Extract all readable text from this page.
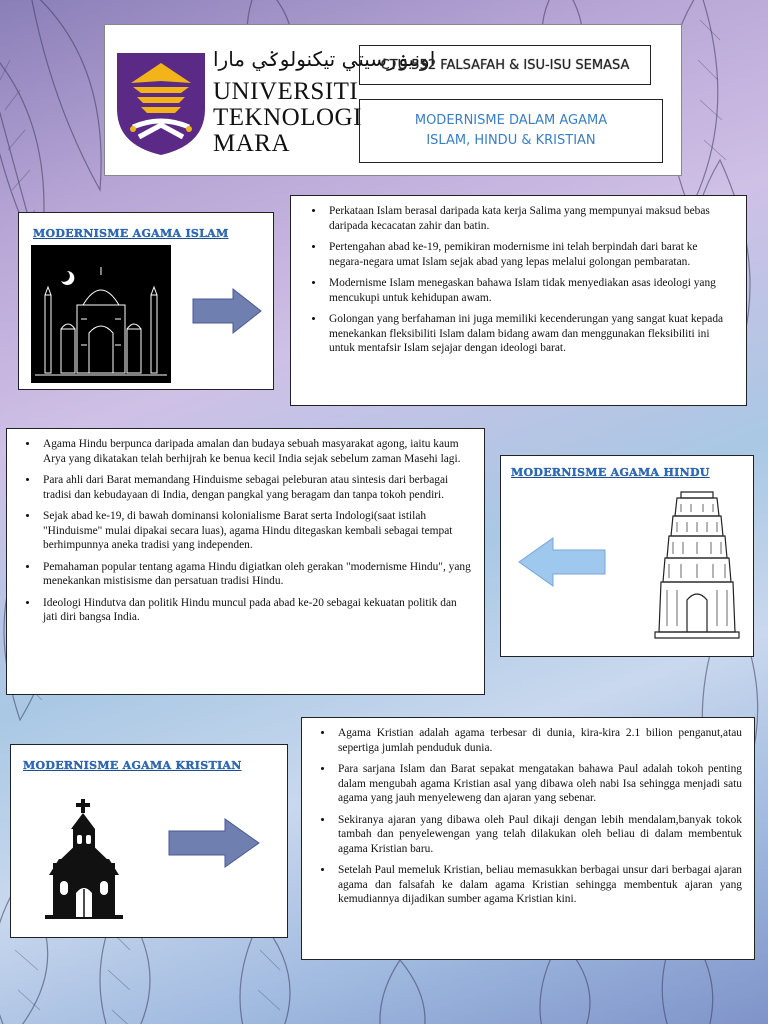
اونيۏرسيتي تيکنولوݢي مارا
UNIVERSITI
TEKNOLOGI
MARA
CTU 552 FALSAFAH & ISU-ISU SEMASA
MODERNISME DALAM AGAMA
ISLAM, HINDU & KRISTIAN
MODERNISME AGAMA ISLAM
• Perkataan Islam berasal daripada kata kerja Salima yang mempunyai maksud bebas daripada kecacatan zahir dan batin.
• Pertengahan abad ke-19, pemikiran modernisme ini telah berpindah dari barat ke negara-negara umat Islam sejak abad yang lepas melalui golongan pembaratan.
• Modernisme Islam menegaskan bahawa Islam tidak menyediakan asas ideologi yang mencukupi untuk kehidupan awam.
• Golongan yang berfahaman ini juga memiliki kecenderungan yang sangat kuat kepada menekankan fleksibiliti Islam dalam bidang awam dan menggunakan fleksibiliti ini untuk mentafsir Islam sejajar dengan ideologi barat.
• Agama Hindu berpunca daripada amalan dan budaya sebuah masyarakat agong, iaitu kaum Arya yang dikatakan telah berhijrah ke benua kecil India sejak sebelum zaman Masehi lagi.
• Para ahli dari Barat memandang Hinduisme sebagai peleburan atau sintesis dari berbagai tradisi dan kebudayaan di India, dengan pangkal yang beragam dan tanpa tokoh pendiri.
• Sejak abad ke-19, di bawah dominansi kolonialisme Barat serta Indologi(saat istilah "Hinduisme" mulai dipakai secara luas), agama Hindu ditegaskan kembali sebagai tempat berhimpunnya aneka tradisi yang independen.
• Pemahaman popular tentang agama Hindu digiatkan oleh gerakan "modernisme Hindu", yang menekankan mistisisme dan persatuan tradisi Hindu.
• Ideologi Hindutva dan politik Hindu muncul pada abad ke-20 sebagai kekuatan politik dan jati diri bangsa India.
MODERNISME AGAMA HINDU
MODERNISME AGAMA KRISTIAN
• Agama Kristian adalah agama terbesar di dunia, kira-kira 2.1 bilion penganut,atau sepertiga jumlah penduduk dunia.
• Para sarjana Islam dan Barat sepakat mengatakan bahawa Paul adalah tokoh penting dalam mengubah agama Kristian asal yang dibawa oleh nabi Isa sehingga menjadi satu agama yang jauh menyeleweng dan ajaran yang sebenar.
• Sekiranya ajaran yang dibawa oleh Paul dikaji dengan lebih mendalam,banyak tokok tambah dan penyelewengan yang telah dilakukan oleh beliau di dalam membentuk agama Kristian baru.
• Setelah Paul memeluk Kristian, beliau memasukkan berbagai unsur dari berbagai ajaran agama dan falsafah ke dalam agama Kristian sehingga membentuk ajaran yang kemudiannya dijadikan sumber agama Kristian kini.
